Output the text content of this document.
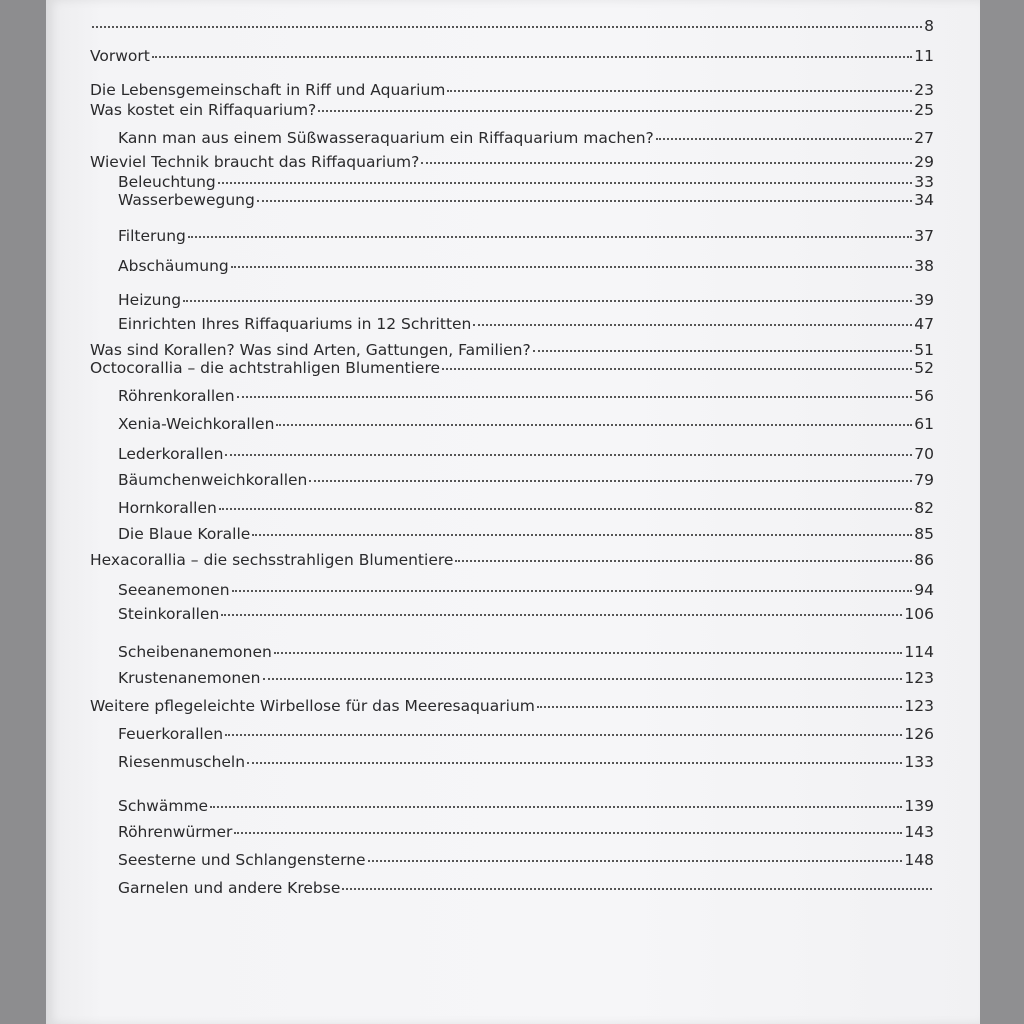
8
Vorwort	11
Die Lebensgemeinschaft in Riff und Aquarium	23
Was kostet ein Riffaquarium?	25
Kann man aus einem Süßwasseraquarium ein Riffaquarium machen?	27
Wieviel Technik braucht das Riffaquarium?	29
Beleuchtung	33
Wasserbewegung	34
Filterung	37
Abschäumung	38
Heizung	39
Einrichten Ihres Riffaquariums in 12 Schritten	47
Was sind Korallen? Was sind Arten, Gattungen, Familien?	51
Octocorallia – die achtstrahligen Blumentiere	52
Röhrenkorallen	56
Xenia-Weichkorallen	61
Lederkorallen	70
Bäumchenweichkorallen	79
Hornkorallen	82
Die Blaue Koralle	85
Hexacorallia – die sechsstrahligen Blumentiere	86
Seeanemonen	94
Steinkorallen	106
Scheibenanemonen	114
Krustenanemonen	123
Weitere pflegeleichte Wirbellose für das Meeresaquarium	123
Feuerkorallen	126
Riesenmuscheln	133
Schwämme	139
Röhrenwürmer	143
Seesterne und Schlangensterne	148
Garnelen und andere Krebse
